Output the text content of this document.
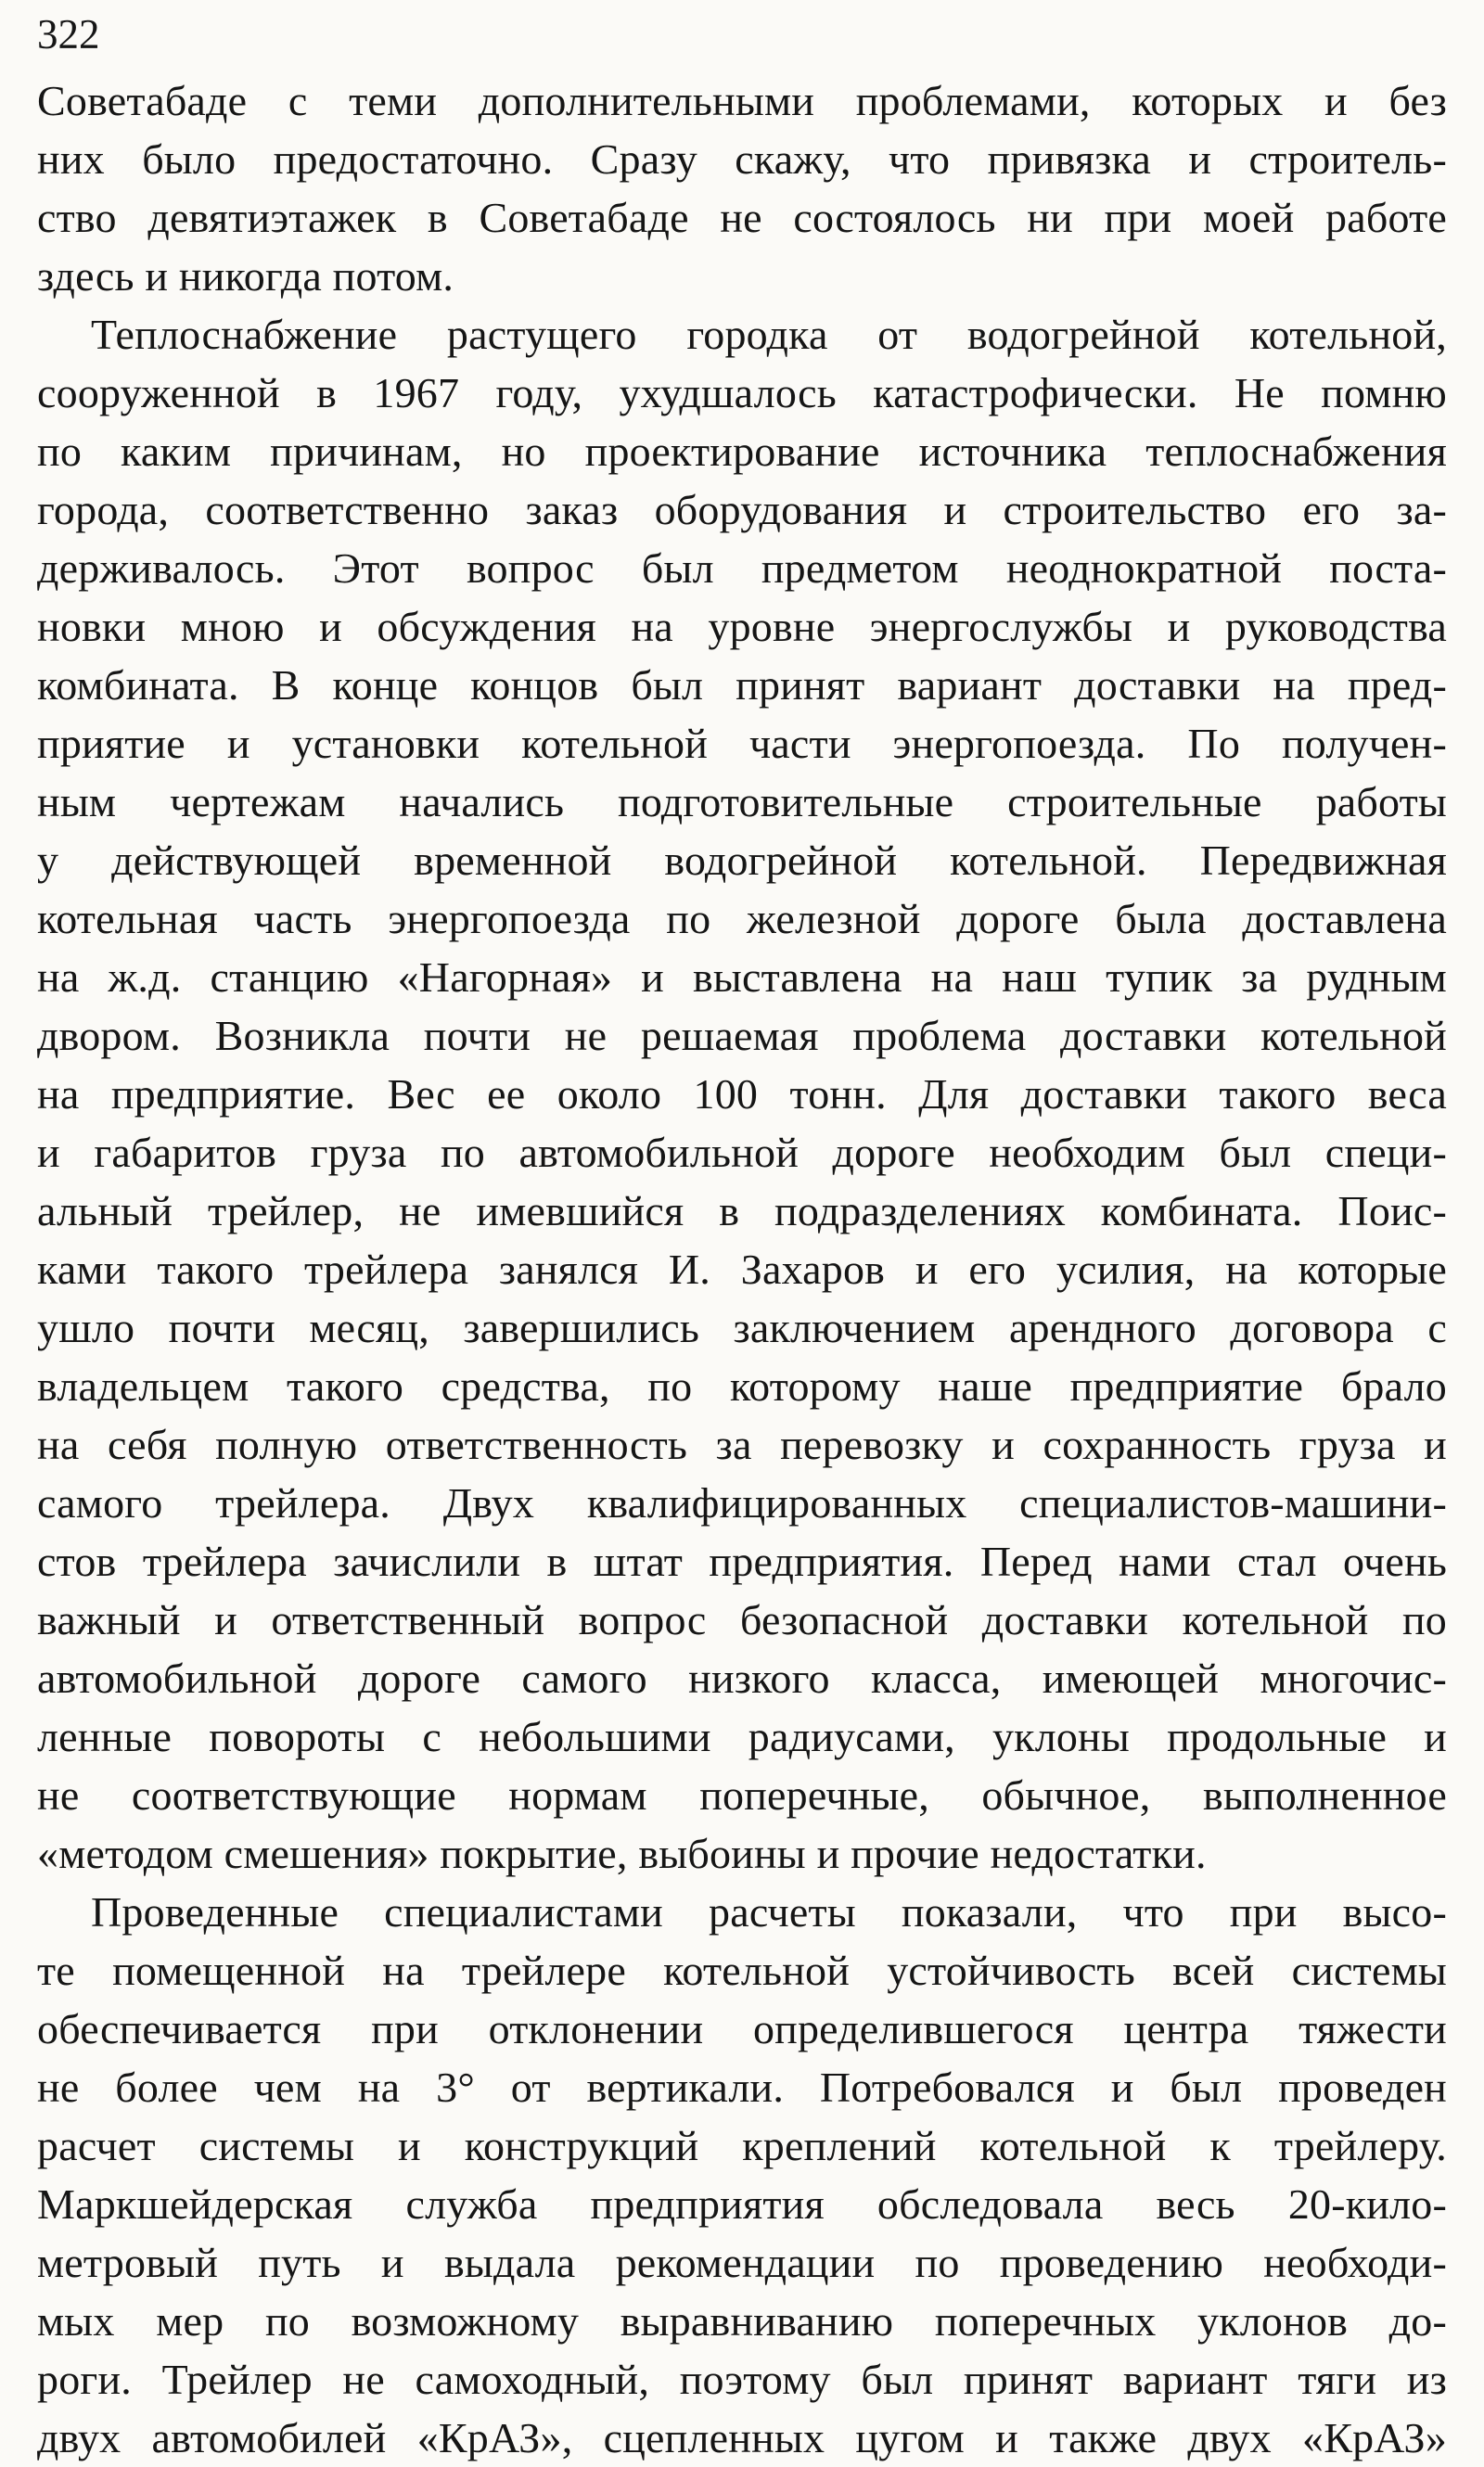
322

Советабаде с теми дополнительными проблемами, которых и без
них было предостаточно. Сразу скажу, что привязка и строитель-
ство девятиэтажек в Советабаде не состоялось ни при моей работе
здесь и никогда потом.

Теплоснабжение растущего городка от водогрейной котельной,
сооруженной в 1967 году, ухудшалось катастрофически. Не помню
по каким причинам, но проектирование источника теплоснабжения
города, соответственно заказ оборудования и строительство его за-
держивалось. Этот вопрос был предметом неоднократной поста-
новки мною и обсуждения на уровне энергослужбы и руководства
комбината. В конце концов был принят вариант доставки на пред-
приятие и установки котельной части энергопоезда. По получен-
ным чертежам начались подготовительные строительные работы
у действующей временной водогрейной котельной. Передвижная
котельная часть энергопоезда по железной дороге была доставлена
на ж.д. станцию «Нагорная» и выставлена на наш тупик за рудным
двором. Возникла почти не решаемая проблема доставки котельной
на предприятие. Вес ее около 100 тонн. Для доставки такого веса
и габаритов груза по автомобильной дороге необходим был специ-
альный трейлер, не имевшийся в подразделениях комбината. Поис-
ками такого трейлера занялся И. Захаров и его усилия, на которые
ушло почти месяц, завершились заключением арендного договора с
владельцем такого средства, по которому наше предприятие брало
на себя полную ответственность за перевозку и сохранность груза и
самого трейлера. Двух квалифицированных специалистов-машини-
стов трейлера зачислили в штат предприятия. Перед нами стал очень
важный и ответственный вопрос безопасной доставки котельной по
автомобильной дороге самого низкого класса, имеющей многочис-
ленные повороты с небольшими радиусами, уклоны продольные и
не соответствующие нормам поперечные, обычное, выполненное
«методом смешения» покрытие, выбоины и прочие недостатки.

Проведенные специалистами расчеты показали, что при высо-
те помещенной на трейлере котельной устойчивость всей системы
обеспечивается при отклонении определившегося центра тяжести
не более чем на 3° от вертикали. Потребовался и был проведен
расчет системы и конструкций креплений котельной к трейлеру.
Маркшейдерская служба предприятия обследовала весь 20-кило-
метровый путь и выдала рекомендации по проведению необходи-
мых мер по возможному выравниванию поперечных уклонов до-
роги. Трейлер не самоходный, поэтому был принят вариант тяги из
двух автомобилей «КрАЗ», сцепленных цугом и также двух «КрАЗ»
